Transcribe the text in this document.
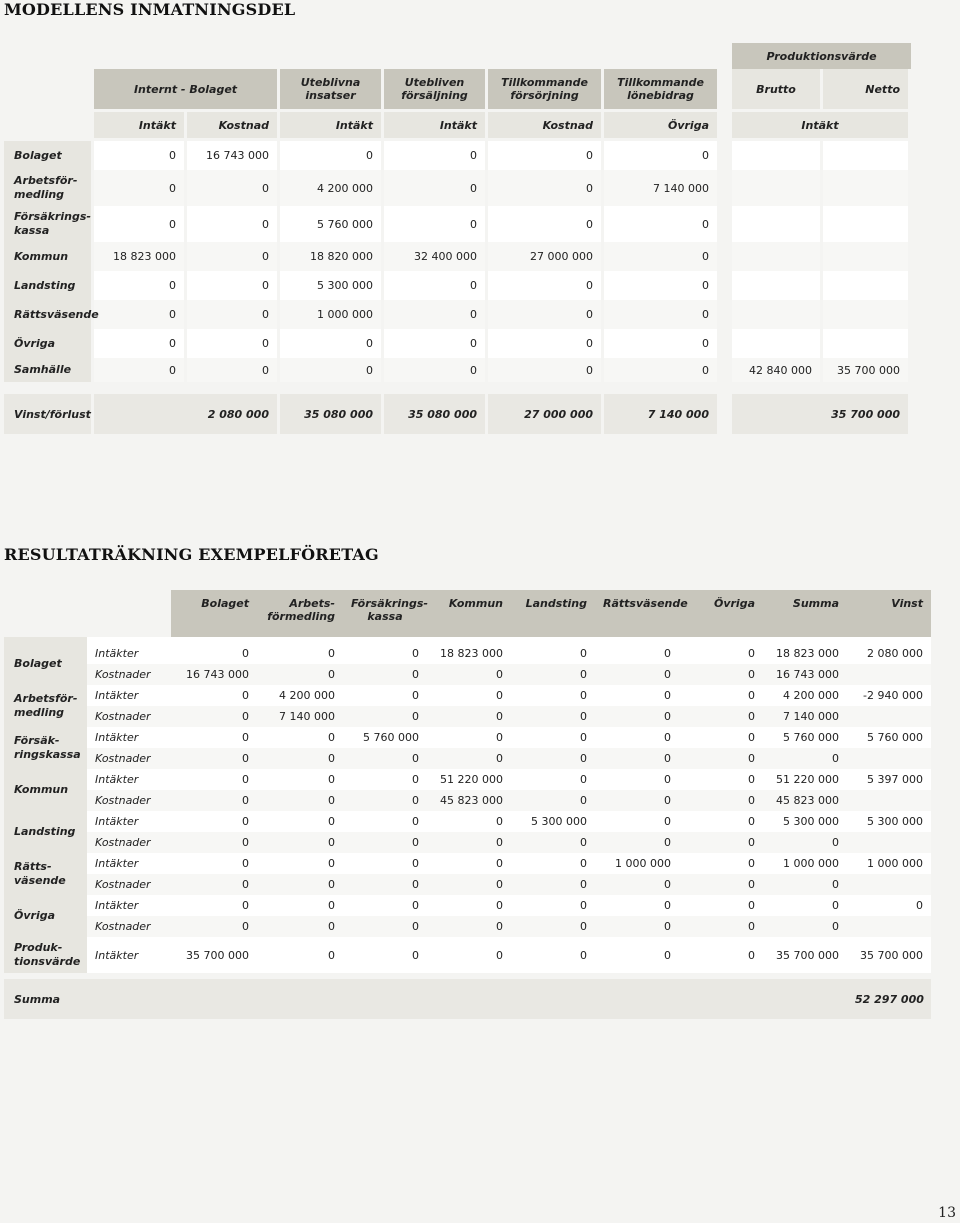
MODELLENS INMATNINGSDEL
								Produktionsvärde	
	Internt - Bolaget		Uteblivna
insatser	Utebliven
försäljning	Tillkommande
försörjning	Tillkommande
lönebidrag		Brutto	Netto
	Intäkt	Kostnad	Intäkt	Intäkt	Kostnad	Övriga		Intäkt	
Bolaget	0	16 743 000	0	0	0	0			
Arbetsför-
medling	0	0	4 200 000	0	0	7 140 000			
Försäkrings-
kassa	0	0	5 760 000	0	0	0			
Kommun	18 823 000	0	18 820 000	32 400 000	27 000 000	0			
Landsting	0	0	5 300 000	0	0	0			
Rättsväsende	0	0	1 000 000	0	0	0			
Övriga	0	0	0	0	0	0			
Samhälle	0	0	0	0	0	0		42 840 000	35 700 000

Vinst/förlust	2 080 000		35 080 000	35 080 000	27 000 000	7 140 000		35 700 000	
RESULTATRÄKNING EXEMPELFÖRETAG
		Bolaget	Arbets-
förmedling	Försäkrings-
kassa	Kommun	Landsting	Rättsväsende	Övriga	Summa	Vinst
Bolaget	Intäkter	0	0	0	18 823 000	0	0	0	18 823 000	2 080 000
	Kostnader	16 743 000	0	0	0	0	0	0	16 743 000	
Arbetsför-
medling	Intäkter	0	4 200 000	0	0	0	0	0	4 200 000	-2 940 000
	Kostnader	0	7 140 000	0	0	0	0	0	7 140 000	
Försäk-
ringskassa	Intäkter	0	0	5 760 000	0	0	0	0	5 760 000	5 760 000
	Kostnader	0	0	0	0	0	0	0	0	
Kommun	Intäkter	0	0	0	51 220 000	0	0	0	51 220 000	5 397 000
	Kostnader	0	0	0	45 823 000	0	0	0	45 823 000	
Landsting	Intäkter	0	0	0	0	5 300 000	0	0	5 300 000	5 300 000
	Kostnader	0	0	0	0	0	0	0	0	
Rätts-
väsende	Intäkter	0	0	0	0	0	1 000 000	0	1 000 000	1 000 000
	Kostnader	0	0	0	0	0	0	0	0	
Övriga	Intäkter	0	0	0	0	0	0	0	0	0
	Kostnader	0	0	0	0	0	0	0	0	
Produk-
tionsvärde	Intäkter	35 700 000	0	0	0	0	0	0	35 700 000	35 700 000

Summa										52 297 000
13
